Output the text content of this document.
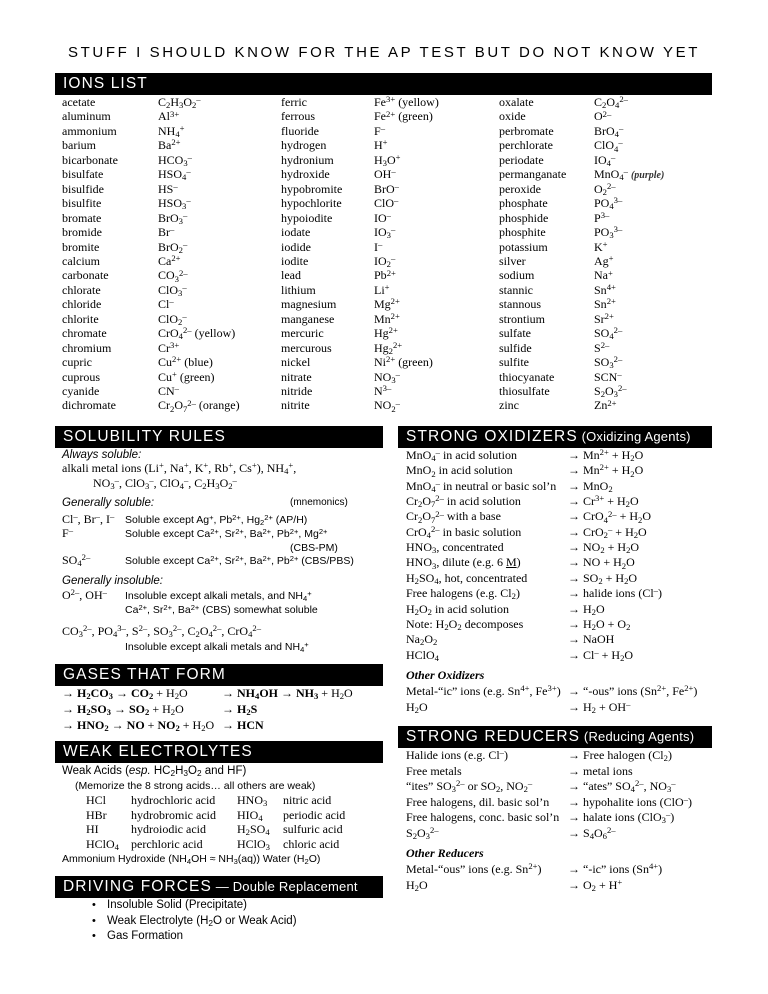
STUFF I SHOULD KNOW FOR THE AP TEST BUT DO NOT KNOW YET
IONS LIST
acetate	$C_2H_3O_2^-$
aluminum	$Al^{3+}$
ammonium	$NH_4^+$
barium	$Ba^{2+}$
bicarbonate	$HCO_3^-$
bisulfate	$HSO_4^-$
bisulfide	HS–
bisulfite	$HSO_3^-$
bromate	BrO$_3$–
bromide	Br–
bromite	BrO$_2$–
calcium	$Ca^{2+}$
carbonate	$CO_3^{2-}$
chlorate	ClO$_3$–
chloride	Cl–
chlorite	ClO$_2$–
chromate	CrO$_4^{2-}$ (yellow)
chromium	$Cr^{3+}$
cupric	$Cu^{2+}$ (blue)
cuprous	Cu+ (green)
cyanide	CN–
dichromate	$Cr_2O_7^{2-}$ (orange)
ferric	$Fe^{3+}$ (yellow)
ferrous	$Fe^{2+}$ (green)
fluoride	F–
hydrogen	H+
hydronium	$H_3O^+$
hydroxide	OH–
hypobromite	BrO–
hypochlorite	ClO–
hypoiodite	IO–
iodate	$IO_3^-$
iodide	I–
iodite	$IO_2^-$
lead	$Pb^{2+}$
lithium	Li+
magnesium	$Mg^{2+}$
manganese	$Mn^{2+}$
mercuric	$Hg^{2+}$
mercurous	$Hg_2^{2+}$
nickel	$Ni^{2+}$ (green)
nitrate	$NO_3^-$
nitride	$N^{3-}$
nitrite	$NO_2^-$
oxalate	$C_2O_4^{2-}$
oxide	$O^{2-}$
perbromate	BrO$_4$–
perchlorate	ClO$_4$–
periodate	$IO_4^-$
permanganate MnO$_4$– (purple)
peroxide	$O_2^{2-}$
phosphate	$PO_4^{3-}$
phosphide	$P^{3-}$
phosphite	$PO_3^{3-}$
potassium	K+
silver	Ag+
sodium	Na+
stannic	$Sn^{4+}$
stannous	$Sn^{2+}$
strontium	$Sr^{2+}$
sulfate	$SO_4^{2-}$
sulfide	$S^{2-}$
sulfite	$SO_3^{2-}$
thiocyanate	SCN–
thiosulfate	$S_2O_3^{2-}$
zinc	$Zn^{2+}$
SOLUBILITY RULES
Always soluble:
alkali metal ions (Li+, Na+, K+, Rb+, Cs+), $NH_4^+$,
$NO_3^-$, ClO$_3$–, ClO$_4$–, $C_2H_3O_2^-$
Generally soluble:	(mnemonics)
Cl–, Br–, I– Soluble except Ag+, $Pb^{2+}$, $Hg_2^{2+}$ (AP/H)
F–	Soluble except $Ca^{2+}$, $Sr^{2+}$, $Ba^{2+}$, $Pb^{2+}$, $Mg^{2+}$
(CBS-PM)
$SO_4^{2-}$	Soluble except $Ca^{2+}$, $Sr^{2+}$, $Ba^{2+}$, $Pb^{2+}$ (CBS/PBS)
Generally insoluble:
$O^{2-}$, OH– Insoluble except alkali metals, and $NH_4^+$
$Ca^{2+}$, $Sr^{2+}$, $Ba^{2+}$ (CBS) somewhat soluble
$CO_3^{2-}$, $PO_4^{3-}$, $S^{2-}$, $SO_3^{2-}$, $C_2O_4^{2-}$, CrO$_4^{2-}$
Insoluble except alkali metals and $NH_4^+$
GASES THAT FORM
→ $H_2CO_3 \to CO_2 + H_2O$	→ $NH_4OH \to NH_3 + H_2O$
→ $H_2SO_3 \to SO_2 + H_2O$	→ $H_2S$
→ $HNO_2$ → NO + $NO_2 + H_2O$ → HCN
WEAK ELECTROLYTES
Weak Acids (esp. $HC_2H_3O_2$ and HF)
(Memorize the 8 strong acids… all others are weak)
HCl hydrochloric acid $HNO_3$ nitric acid
HBr hydrobromic acid $HIO_4$ periodic acid
HI	hydroiodic acid	$H_2SO_4$ sulfuric acid
HClO$_4$ perchloric acid	HClO$_3$ chloric acid
Ammonium Hydroxide $(NH_4OH \approx NH_3(aq))$ Water $(H_2O)$
DRIVING FORCES — Double Replacement
• Insoluble Solid (Precipitate)
• Weak Electrolyte ($H_2O$ or Weak Acid)
• Gas Formation
STRONG OXIDIZERS (Oxidizing Agents)
MnO$_4$– in acid solution	→ $Mn^{2+} + H_2O$
MnO$_2$ in acid solution	→ $Mn^{2+} + H_2O$
MnO$_4$– in neutral or basic sol’n → MnO$_2$
$Cr_2O_7^{2-}$ in acid solution	→ $Cr^{3+} + H_2O$
$Cr_2O_7^{2-}$ with a base	→ $CrO_4^{2-} + H_2O$
CrO$_4^{2-}$ in basic solution	→ $CrO_2^- + H_2O$
$HNO_3$, concentrated	→ $NO_2 + H_2O$
$HNO_3$, dilute (e.g. 6 M)	→ NO + $H_2O$
$H_2SO_4$, hot, concentrated	→ $SO_2 + H_2O$
Free halogens (e.g. $Cl_2$)	→ halide ions (Cl–)
$H_2O_2$ in acid solution	→ $H_2O$
Note: $H_2O_2$ decomposes	→ $H_2O + O_2$
$Na_2O_2$	→ NaOH
HClO$_4$	→ $Cl^- + H_2O$
Other Oxidizers
Metal-“ic” ions (e.g. $Sn^{4+}$, $Fe^{3+}$) → “-ous” ions ($Sn^{2+}$, $Fe^{2+}$)
$H_2O$	→ $H_2 + OH^-$
STRONG REDUCERS (Reducing Agents)
Halide ions (e.g. Cl–)	→ Free halogen $(Cl_2)$
Free metals	→ metal ions
“ites” $SO_3^{2-}$ or $SO_2$, $NO_2^-$	→ “ates” $SO_4^{2-}$, $NO_3^-$
Free halogens, dil. basic sol’n → hypohalite ions (ClO–)
Free halogens, conc. basic sol’n → halate ions (ClO$_3$–)
$S_2O_3^{2-}$	→ $S_4O_6^{2-}$
Other Reducers
Metal-“ous” ions (e.g. $Sn^{2+}$) → “-ic” ions $(Sn^{4+})$
$H_2O$	→ $O_2 + H^+$
